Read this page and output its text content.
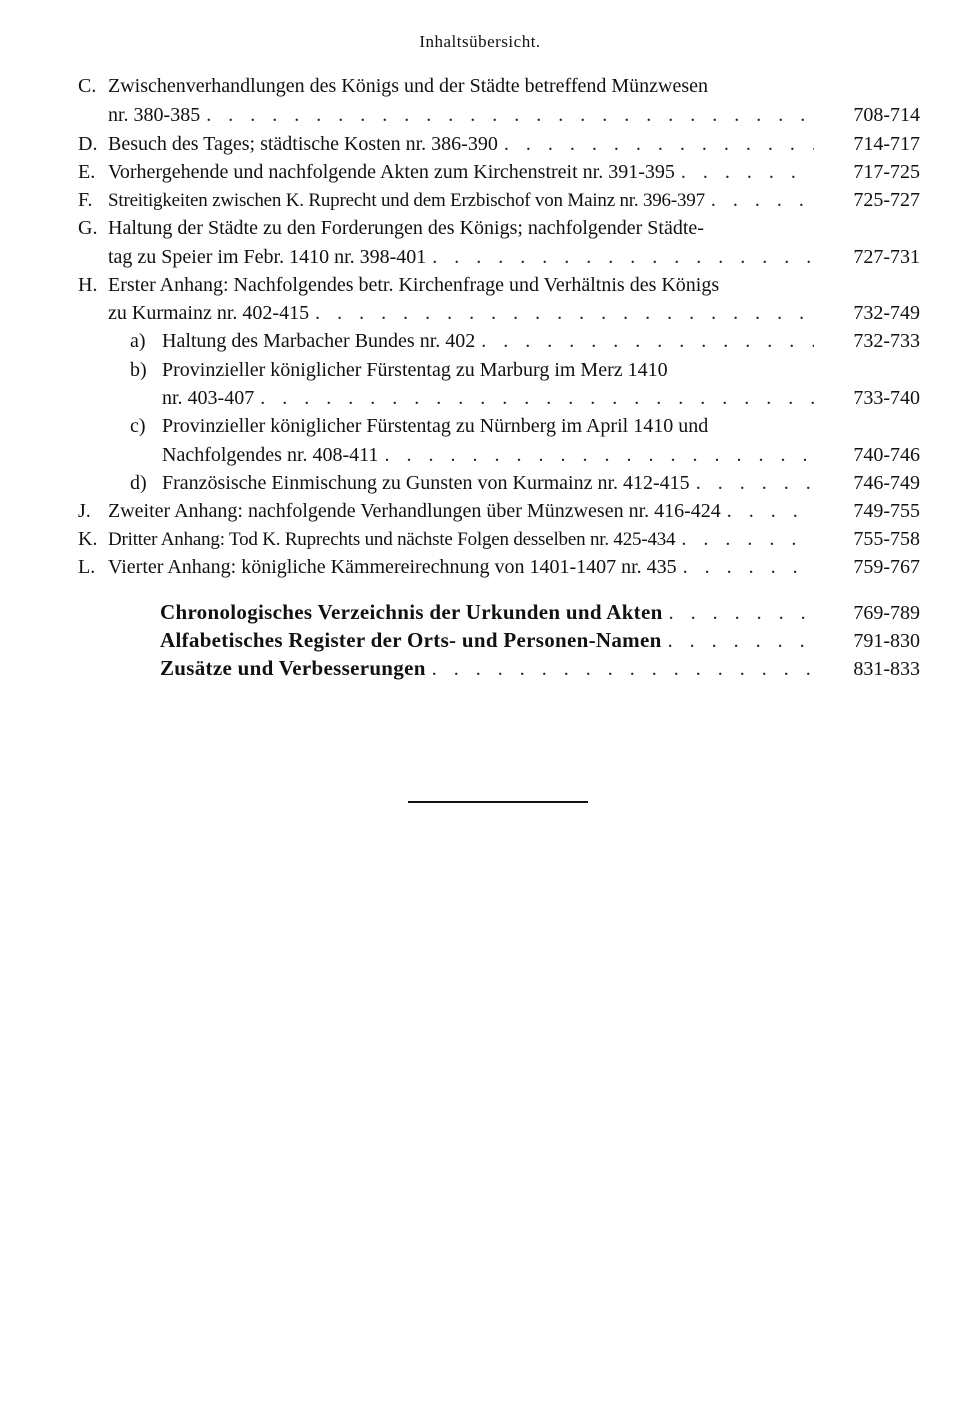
Inhaltsübersicht.
C. Zwischenverhandlungen des Königs und der Städte betreffend Münzwesen
nr. 380-385 . . .	708-714
D. Besuch des Tages; städtische Kosten nr. 386-390 . . .	714-717
E. Vorhergehende und nachfolgende Akten zum Kirchenstreit nr. 391-395 . . .	717-725
F. Streitigkeiten zwischen K. Ruprecht und dem Erzbischof von Mainz nr. 396-397 . . .	725-727
G. Haltung der Städte zu den Forderungen des Königs; nachfolgender Städte-
tag zu Speier im Febr. 1410 nr. 398-401 . . .	727-731
H. Erster Anhang: Nachfolgendes betr. Kirchenfrage und Verhältnis des Königs
zu Kurmainz nr. 402-415 . . .	732-749
a) Haltung des Marbacher Bundes nr. 402 . . .	732-733
b) Provinzieller königlicher Fürstentag zu Marburg im Merz 1410
nr. 403-407 . . .	733-740
c) Provinzieller königlicher Fürstentag zu Nürnberg im April 1410 und
Nachfolgendes nr. 408-411 . . .	740-746
d) Französische Einmischung zu Gunsten von Kurmainz nr. 412-415 . . .	746-749
J. Zweiter Anhang: nachfolgende Verhandlungen über Münzwesen nr. 416-424 . . .	749-755
K. Dritter Anhang: Tod K. Ruprechts und nächste Folgen desselben nr. 425-434 . . .	755-758
L. Vierter Anhang: königliche Kämmereirechnung von 1401-1407 nr. 435 . . .	759-767
Chronologisches Verzeichnis der Urkunden und Akten . . .	769-789
Alfabetisches Register der Orts- und Personen-Namen . . .	791-830
Zusätze und Verbesserungen . . .	831-833
